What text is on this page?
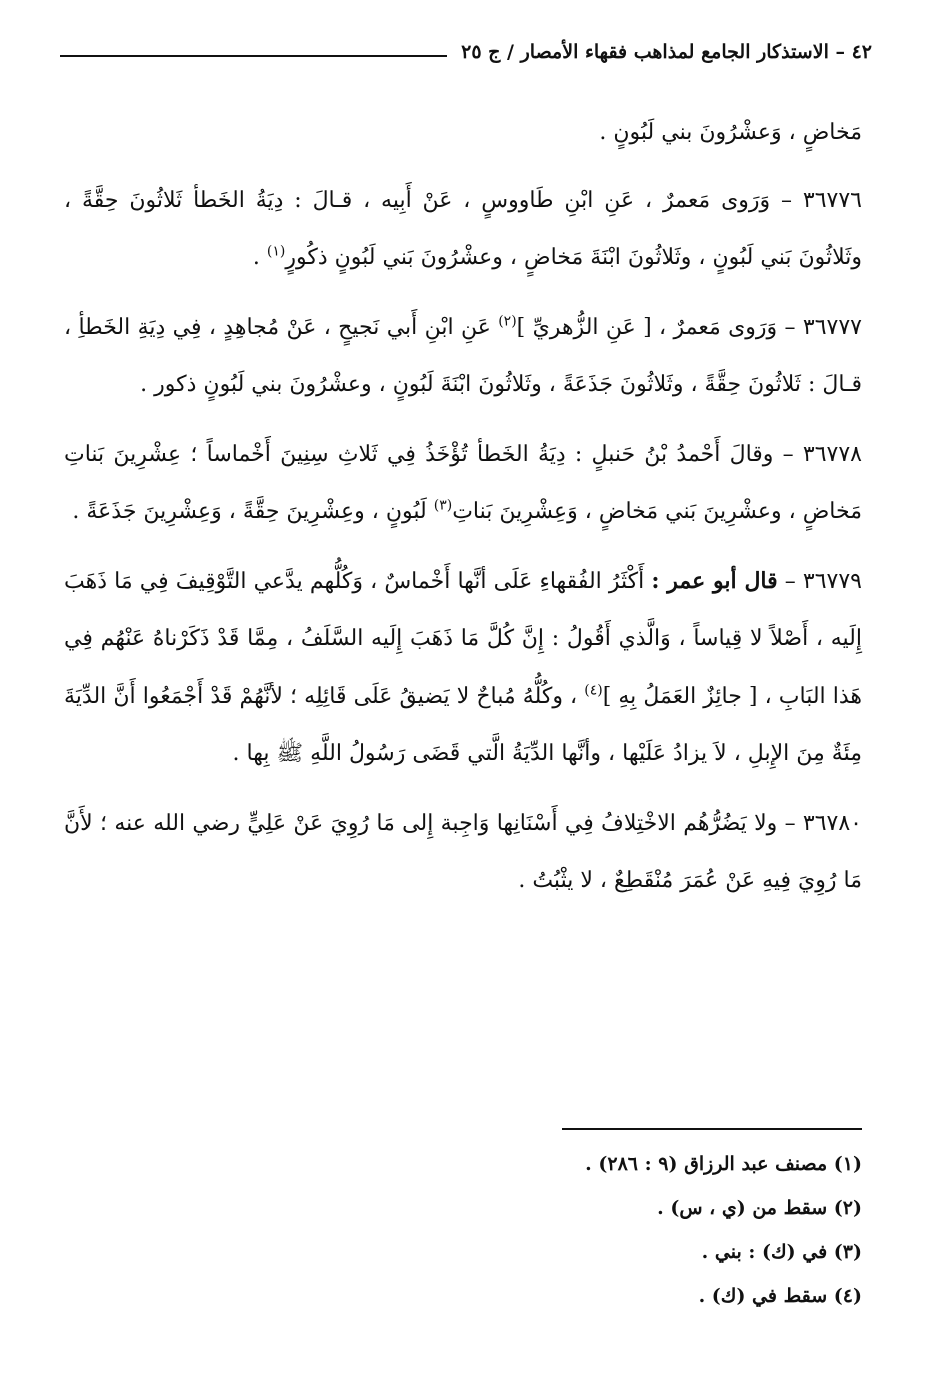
٤٢ – الاستذكار الجامع لمذاهب فقهاء الأمصار / ج ٢٥

مَخاضٍ ، وَعشْرُونَ بني لَبُونٍ .

٣٦٧٧٦ – وَرَوى مَعمرٌ ، عَنِ ابْنِ طَاووسٍ ، عَنْ أَبِيه ، قـالَ : دِيَةُ الخَطأ ثَلاثُونَ حِقَّةً ، وثَلاثُونَ بَني لَبُونٍ ، وثَلاثُونَ ابْنَةَ مَخاضٍ ، وعشْرُونَ بَني لَبُونٍ ذكُورٍ$^{(١)}$ .

٣٦٧٧٧ – وَرَوى مَعمرٌ ، [ عَنِ الزُّهريِّ ]$^{(٢)}$ عَنِ ابْنِ أَبي نَجيحٍ ، عَنْ مُجاهِدٍ ، فِي دِيَةِ الخَطأِ ، قـالَ : ثَلاثُونَ حِقَّةً ، وثَلاثُونَ جَذَعَةً ، وثَلاثُونَ ابْنَةَ لَبُونٍ ، وعشْرُونَ بني لَبُونٍ ذكور .

٣٦٧٧٨ – وقالَ أَحْمدُ بْنُ حَنبلٍ : دِيَةُ الخَطأ تُؤْخَذُ فِي ثَلاثِ سِنِينَ أَخْماساً ؛ عِشْرِينَ بَناتِ مَخاضٍ ، وعشْرِينَ بَني مَخاضٍ ، وَعِشْرِينَ بَناتِ$^{(٣)}$ لَبُونٍ ، وعِشْرِينَ حِقَّةً ، وَعِشْرِينَ جَذَعَةً .

٣٦٧٧٩ – قال أبو عمر : أَكْثَرُ الفُقهاءِ عَلَى أنَّها أَخْماسٌ ، وَكُلُّهم يدَّعي التَّوْقِيفَ فِي مَا ذَهَبَ إِلَيه ، أَصْلاً لا قِياساً ، وَالَّذي أَقُولُ : إِنَّ كُلَّ مَا ذَهَبَ إِلَيه السَّلَفُ ، مِمَّا قَدْ ذَكَرْناهُ عَنْهُم فِي هَذا البَابِ ، [ جائِزٌ العَمَلُ بِهِ ]$^{(٤)}$ ، وكُلُّهُ مُباحٌ لا يَضيقُ عَلَى قَائِلِه ؛ لأنَّهُمْ قَدْ أَجْمَعُوا أَنَّ الدِّيَةَ مِئَةٌ مِنَ الإِبلِ ، لاَ يزادُ عَلَيْها ، وأنَّها الدِّيَةُ الَّتي قَضَى رَسُولُ اللَّهِ ﷺ بِها .

٣٦٧٨٠ – ولا يَضُرُّهُم الاخْتِلافُ فِي أَسْنَانِها وَاجِبة إِلى مَا رُوِيَ عَنْ عَلِيٍّ رضي الله عنه ؛ لأَنَّ مَا رُوِيَ فِيهِ عَنْ عُمَرَ مُنْقَطِعٌ ، لا يثْبُتُ .

(١) مصنف عبد الرزاق (٩ : ٢٨٦) .

(٢) سقط من (ي ، س) .

(٣) في (ك) : بني .

(٤) سقط في (ك) .
